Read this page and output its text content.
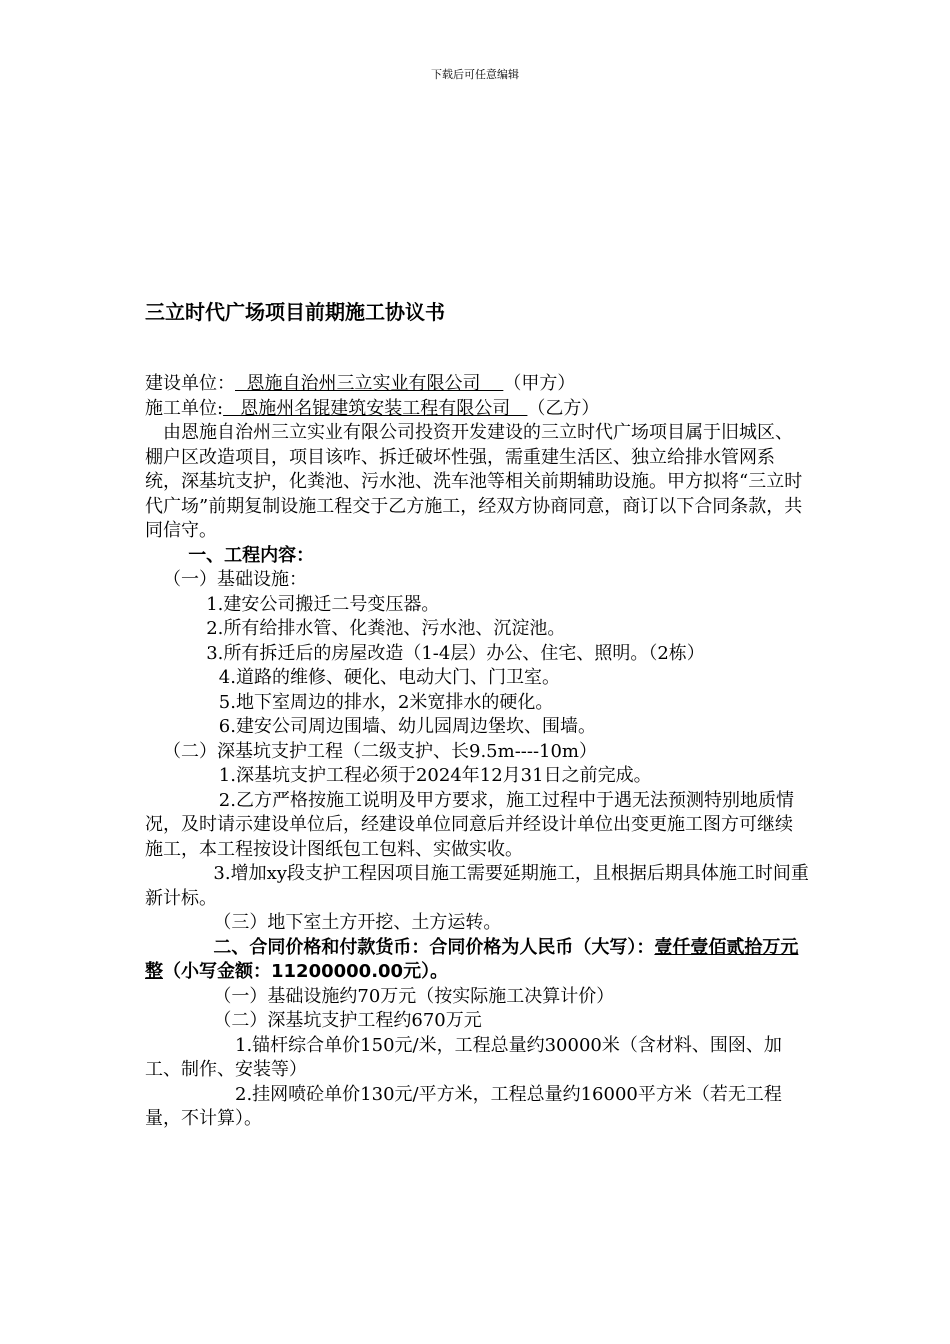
下载后可任意编辑
三立时代广场项目前期施工协议书

建设单位：  恩施自治州三立实业有限公司    （甲方）

施工单位:   恩施州名锟建筑安装工程有限公司   （乙方）

由恩施自治州三立实业有限公司投资开发建设的三立时代广场项目属于旧城区、棚户区改造项目，项目该咋、拆迁破坏性强，需重建生活区、独立给排水管网系统，深基坑支护，化粪池、污水池、洗车池等相关前期辅助设施。甲方拟将“三立时代广场”前期复制设施工程交于乙方施工，经双方协商同意，商订以下合同条款，共同信守。

一、工程内容：

（一）基础设施：

1.建安公司搬迁二号变压器。

2.所有给排水管、化粪池、污水池、沉淀池。

3.所有拆迁后的房屋改造（1-4层）办公、住宅、照明。（2栋）

4.道路的维修、硬化、电动大门、门卫室。

5.地下室周边的排水，2米宽排水的硬化。

6.建安公司周边围墙、幼儿园周边堡坎、围墙。

（二）深基坑支护工程（二级支护、长9.5m----10m）

1.深基坑支护工程必须于2024年12月31日之前完成。

2.乙方严格按施工说明及甲方要求，施工过程中于遇无法预测特别地质情况，及时请示建设单位后，经建设单位同意后并经设计单位出变更施工图方可继续施工，本工程按设计图纸包工包料、实做实收。

3.增加xy段支护工程因项目施工需要延期施工，且根据后期具体施工时间重新计标。

（三）地下室土方开挖、土方运转。

二、合同价格和付款货币：合同价格为人民币（大写）：壹仟壹佰贰拾万元整（小写金额：11200000.00元）。

（一）基础设施约70万元（按实际施工决算计价）

（二）深基坑支护工程约670万元

1.锚杆综合单价150元/米，工程总量约30000米（含材料、围囹、加工、制作、安装等）

2.挂网喷砼单价130元/平方米，工程总量约16000平方米（若无工程量，不计算）。
